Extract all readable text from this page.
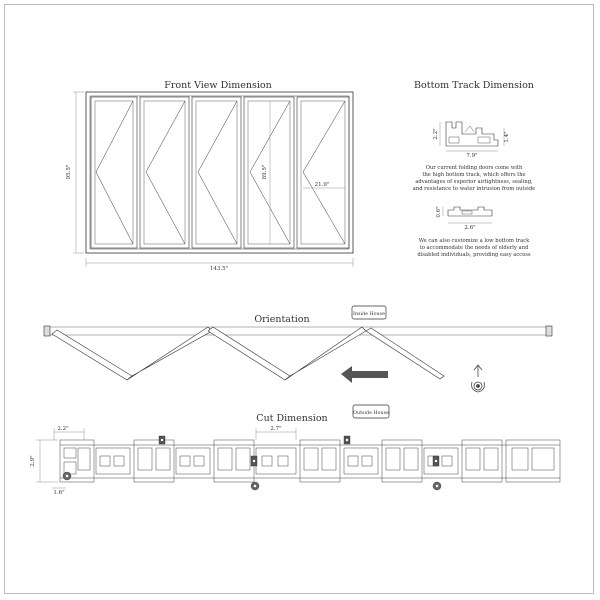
Front View Dimension
95.5"
143.5"
89.5"
21.9"
Bottom Track Dimension
2.2"
7.9"
1.4"
Our current folding doors come with
the high bottom track, which offers the
advantages of superior airtightness, sealing,
and resistance to water intrusion from outside
0.6"
2.6"
We can also customize a low bottom track
to accommodate the needs of elderly and
disabled individuals, providing easy access
Orientation	Inside House
Cut Dimension	Outside House
2.2"	2.7"
2.9"
1.6"
